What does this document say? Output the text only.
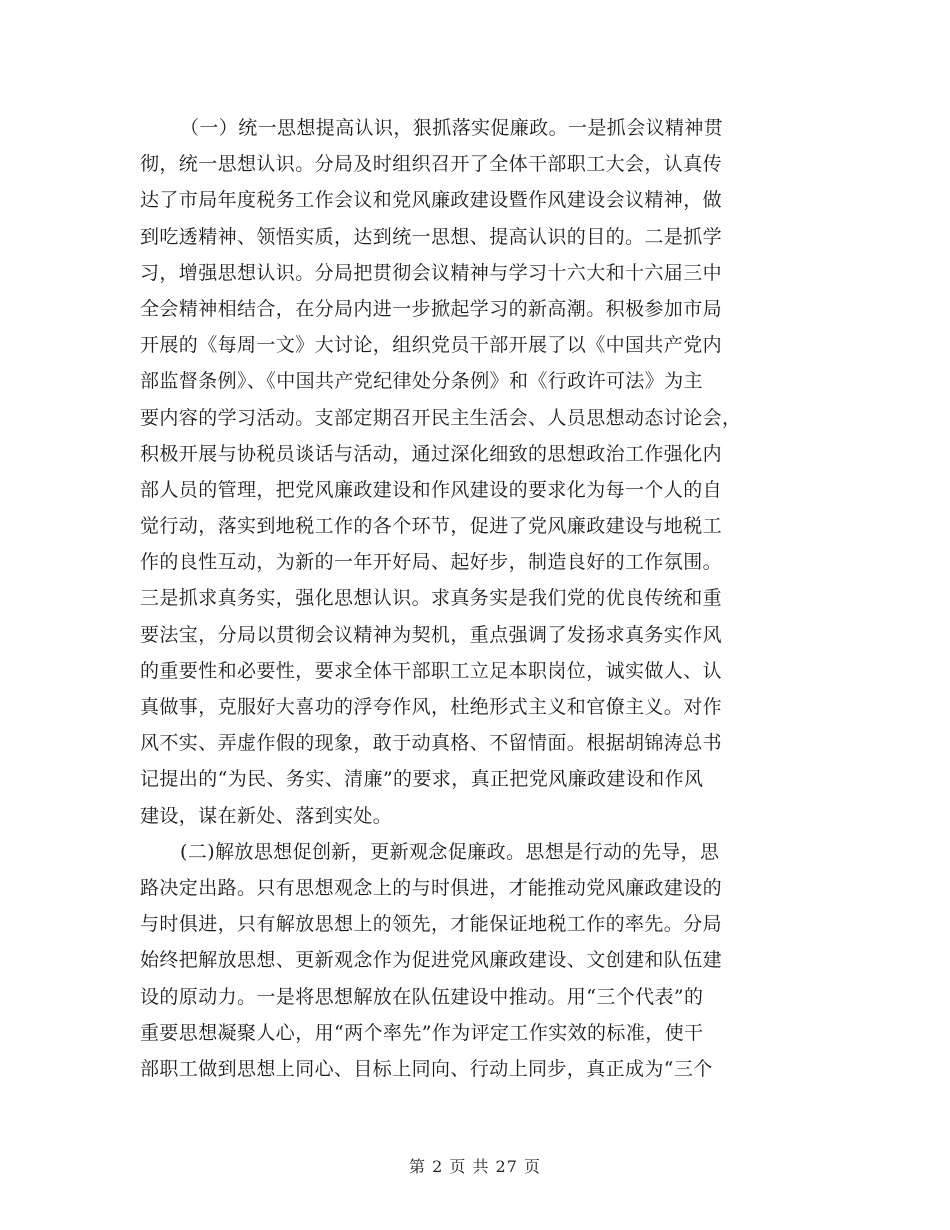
（一）统一思想提高认识，狠抓落实促廉政。一是抓会议精神贯
彻，统一思想认识。分局及时组织召开了全体干部职工大会，认真传
达了市局年度税务工作会议和党风廉政建设暨作风建设会议精神，做
到吃透精神、领悟实质，达到统一思想、提高认识的目的。二是抓学
习，增强思想认识。分局把贯彻会议精神与学习十六大和十六届三中
全会精神相结合，在分局内进一步掀起学习的新高潮。积极参加市局
开展的《每周一文》大讨论，组织党员干部开展了以《中国共产党内
部监督条例》、《中国共产党纪律处分条例》和《行政许可法》为主
要内容的学习活动。支部定期召开民主生活会、人员思想动态讨论会，
积极开展与协税员谈话与活动，通过深化细致的思想政治工作强化内
部人员的管理，把党风廉政建设和作风建设的要求化为每一个人的自
觉行动，落实到地税工作的各个环节，促进了党风廉政建设与地税工
作的良性互动，为新的一年开好局、起好步，制造良好的工作氛围。
三是抓求真务实，强化思想认识。求真务实是我们党的优良传统和重
要法宝，分局以贯彻会议精神为契机，重点强调了发扬求真务实作风
的重要性和必要性，要求全体干部职工立足本职岗位，诚实做人、认
真做事，克服好大喜功的浮夸作风，杜绝形式主义和官僚主义。对作
风不实、弄虚作假的现象，敢于动真格、不留情面。根据胡锦涛总书
记提出的“为民、务实、清廉”的要求，真正把党风廉政建设和作风
建设，谋在新处、落到实处。
(二)解放思想促创新，更新观念促廉政。思想是行动的先导，思
路决定出路。只有思想观念上的与时俱进，才能推动党风廉政建设的
与时俱进，只有解放思想上的领先，才能保证地税工作的率先。分局
始终把解放思想、更新观念作为促进党风廉政建设、文创建和队伍建
设的原动力。一是将思想解放在队伍建设中推动。用“三个代表”的
重要思想凝聚人心，用“两个率先”作为评定工作实效的标准，使干
部职工做到思想上同心、目标上同向、行动上同步，真正成为“三个
第 2 页 共 27 页
